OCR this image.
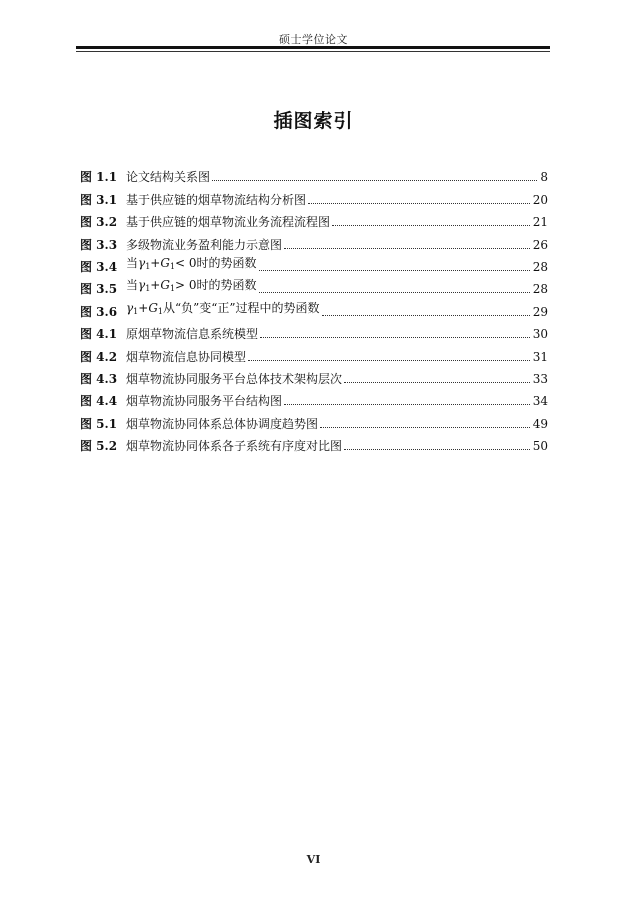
硕士学位论文
插图索引
图 1.1 论文结构关系图	8
图 3.1 基于供应链的烟草物流结构分析图	20
图 3.2 基于供应链的烟草物流业务流程流程图	21
图 3.3 多级物流业务盈利能力示意图	26
图 3.4 当$\gamma_1+G_1< 0$时的势函数	28
图 3.5 当$\gamma_1+G_1> 0$时的势函数	28
图 3.6 $\gamma_1+G_1$从“负”变“正”过程中的势函数	29
图 4.1 原烟草物流信息系统模型	30
图 4.2 烟草物流信息协同模型	31
图 4.3 烟草物流协同服务平台总体技术架构层次	33
图 4.4 烟草物流协同服务平台结构图	34
图 5.1 烟草物流协同体系总体协调度趋势图	49
图 5.2 烟草物流协同体系各子系统有序度对比图	50
VI
